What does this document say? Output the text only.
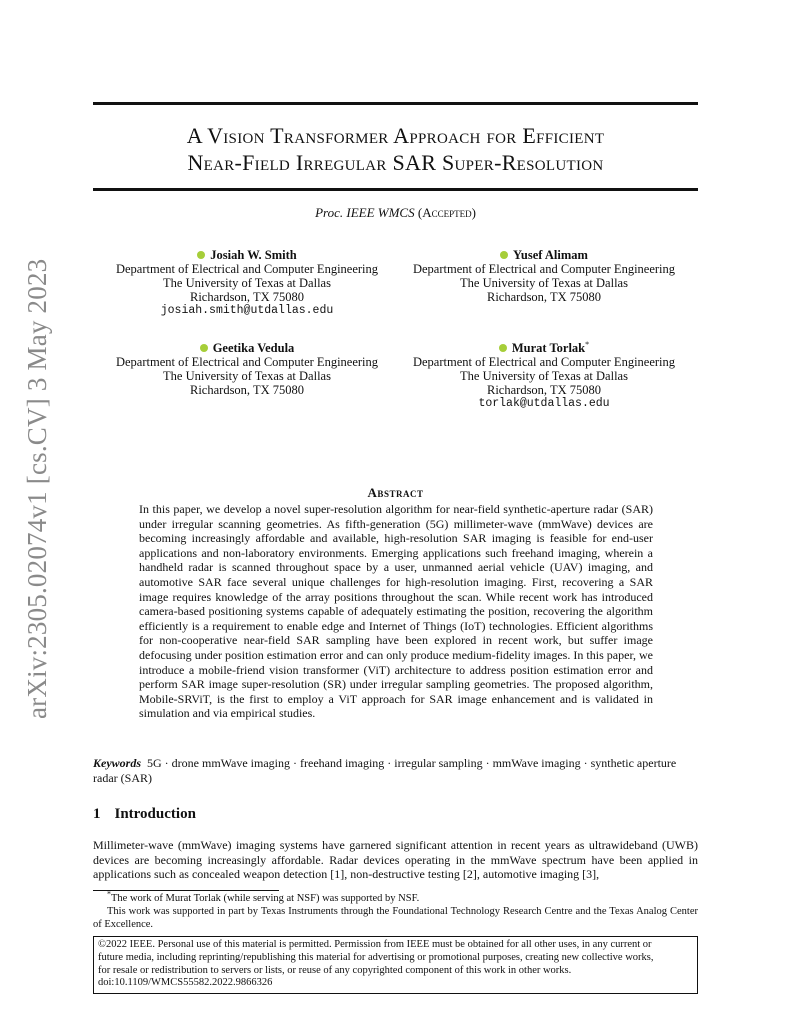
arXiv:2305.02074v1 [cs.CV] 3 May 2023
A Vision Transformer Approach for Efficient
Near-Field Irregular SAR Super-Resolution
Proc. IEEE WMCS (Accepted)
Josiah W. Smith
Department of Electrical and Computer Engineering
The University of Texas at Dallas
Richardson, TX 75080
josiah.smith@utdallas.edu
Yusef Alimam
Department of Electrical and Computer Engineering
The University of Texas at Dallas
Richardson, TX 75080
Geetika Vedula
Department of Electrical and Computer Engineering
The University of Texas at Dallas
Richardson, TX 75080
Murat Torlak*
Department of Electrical and Computer Engineering
The University of Texas at Dallas
Richardson, TX 75080
torlak@utdallas.edu
Abstract
In this paper, we develop a novel super-resolution algorithm for near-field synthetic-aperture radar (SAR) under irregular scanning geometries. As fifth-generation (5G) millimeter-wave (mmWave) devices are becoming increasingly affordable and available, high-resolution SAR imaging is feasible for end-user applications and non-laboratory environments. Emerging applications such freehand imaging, wherein a handheld radar is scanned throughout space by a user, unmanned aerial vehicle (UAV) imaging, and automotive SAR face several unique challenges for high-resolution imaging. First, recovering a SAR image requires knowledge of the array positions throughout the scan. While recent work has introduced camera-based positioning systems capable of adequately estimating the position, recovering the algorithm efficiently is a requirement to enable edge and Internet of Things (IoT) technologies. Efficient algorithms for non-cooperative near-field SAR sampling have been explored in recent work, but suffer image defocusing under position estimation error and can only produce medium-fidelity images. In this paper, we introduce a mobile-friend vision transformer (ViT) architecture to address position estimation error and perform SAR image super-resolution (SR) under irregular sampling geometries. The proposed algorithm, Mobile-SRViT, is the first to employ a ViT approach for SAR image enhancement and is validated in simulation and via empirical studies.
Keywords 5G · drone mmWave imaging · freehand imaging · irregular sampling · mmWave imaging · synthetic aperture radar (SAR)
1 Introduction
Millimeter-wave (mmWave) imaging systems have garnered significant attention in recent years as ultrawideband (UWB) devices are becoming increasingly affordable. Radar devices operating in the mmWave spectrum have been applied in applications such as concealed weapon detection [1], non-destructive testing [2], automotive imaging [3],

*The work of Murat Torlak (while serving at NSF) was supported by NSF.

This work was supported in part by Texas Instruments through the Foundational Technology Research Centre and the Texas Analog Center of Excellence.

©2022 IEEE. Personal use of this material is permitted. Permission from IEEE must be obtained for all other uses, in any current or
future media, including reprinting/republishing this material for advertising or promotional purposes, creating new collective works,
for resale or redistribution to servers or lists, or reuse of any copyrighted component of this work in other works.
doi:10.1109/WMCS55582.2022.9866326
